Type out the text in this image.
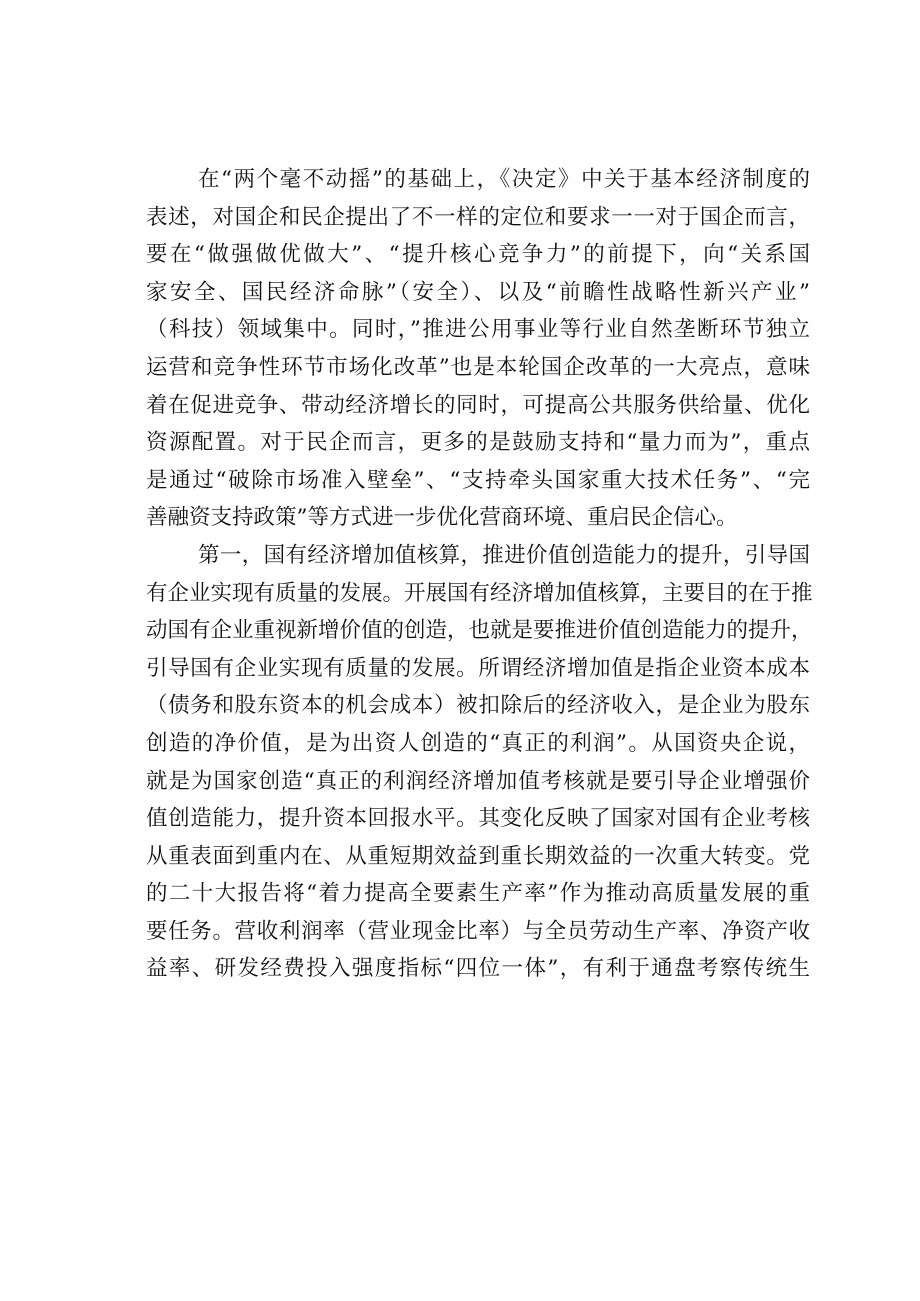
在“两个毫不动摇”的基础上，《决定》中关于基本经济制度的
表述，对国企和民企提出了不一样的定位和要求一一对于国企而言，
要在“做强做优做大”、“提升核心竞争力”的前提下，向“关系国
家安全、国民经济命脉”（安全）、以及“前瞻性战略性新兴产业”
（科技）领域集中。同时，”推进公用事业等行业自然垄断环节独立
运营和竞争性环节市场化改革”也是本轮国企改革的一大亮点，意味
着在促进竞争、带动经济增长的同时，可提高公共服务供给量、优化
资源配置。对于民企而言，更多的是鼓励支持和“量力而为”，重点
是通过“破除市场准入壁垒”、“支持牵头国家重大技术任务”、“完
善融资支持政策”等方式进一步优化营商环境、重启民企信心。
第一，国有经济增加值核算，推进价值创造能力的提升，引导国
有企业实现有质量的发展。开展国有经济增加值核算，主要目的在于推
动国有企业重视新增价值的创造，也就是要推进价值创造能力的提升，
引导国有企业实现有质量的发展。所谓经济增加值是指企业资本成本
（债务和股东资本的机会成本）被扣除后的经济收入，是企业为股东
创造的净价值，是为出资人创造的“真正的利润”。从国资央企说，
就是为国家创造“真正的利润经济增加值考核就是要引导企业增强价
值创造能力，提升资本回报水平。其变化反映了国家对国有企业考核
从重表面到重内在、从重短期效益到重长期效益的一次重大转变。党
的二十大报告将“着力提高全要素生产率”作为推动高质量发展的重
要任务。营收利润率（营业现金比率）与全员劳动生产率、净资产收
益率、研发经费投入强度指标“四位一体”，有利于通盘考察传统生
